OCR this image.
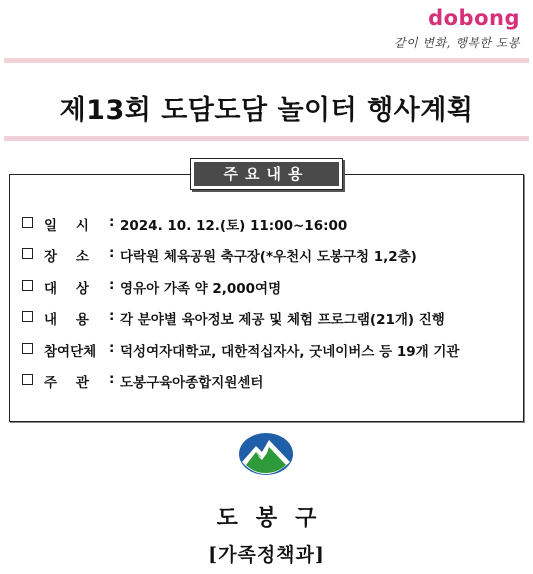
dobong
같이 변화, 행복한 도봉
제13회 도담도담 놀이터 행사계획
주요내용
일    시 : 2024. 10. 12.(토) 11:00~16:00
장    소 : 다락원 체육공원 축구장(*우천시 도봉구청 1,2층)
대    상 : 영유아 가족 약 2,000여명
내    용 : 각 분야별 육아정보 제공 및 체험 프로그램(21개) 진행
참여단체 : 덕성여자대학교, 대한적십자사, 굿네이버스 등 19개 기관
주    관 : 도봉구육아종합지원센터
도봉구
[가족정책과]
